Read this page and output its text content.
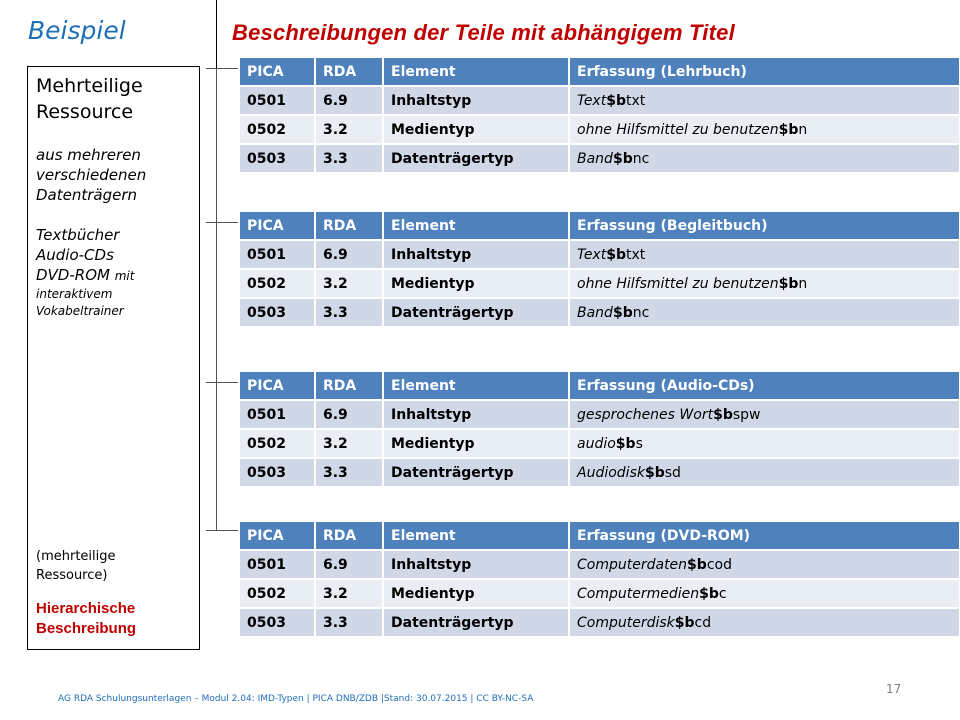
Beispiel	Beschreibungen der Teile mit abhängigem Titel
Mehrteilige
Ressource
aus mehreren
verschiedenen
Datenträgern
Textbücher
Audio-CDs
DVD-ROM mit
interaktivem
Vokabeltrainer
(mehrteilige
Ressource)
Hierarchische
Beschreibung
PICA	RDA	Element	Erfassung (Lehrbuch)
0501	6.9	Inhaltstyp	Text$btxt
0502	3.2	Medientyp	ohne Hilfsmittel zu benutzen$bn
0503	3.3	Datenträgertyp	Band$bnc
PICA	RDA	Element	Erfassung (Begleitbuch)
0501	6.9	Inhaltstyp	Text$btxt
0502	3.2	Medientyp	ohne Hilfsmittel zu benutzen$bn
0503	3.3	Datenträgertyp	Band$bnc
PICA	RDA	Element	Erfassung (Audio-CDs)
0501	6.9	Inhaltstyp	gesprochenes Wort$bspw
0502	3.2	Medientyp	audio$bs
0503	3.3	Datenträgertyp	Audiodisk$bsd
PICA	RDA	Element	Erfassung (DVD-ROM)
0501	6.9	Inhaltstyp	Computerdaten$bcod
0502	3.2	Medientyp	Computermedien$bc
0503	3.3	Datenträgertyp	Computerdisk$bcd
AG RDA Schulungsunterlagen – Modul 2.04: IMD-Typen | PICA DNB/ZDB |Stand: 30.07.2015 | CC BY-NC-SA
17
